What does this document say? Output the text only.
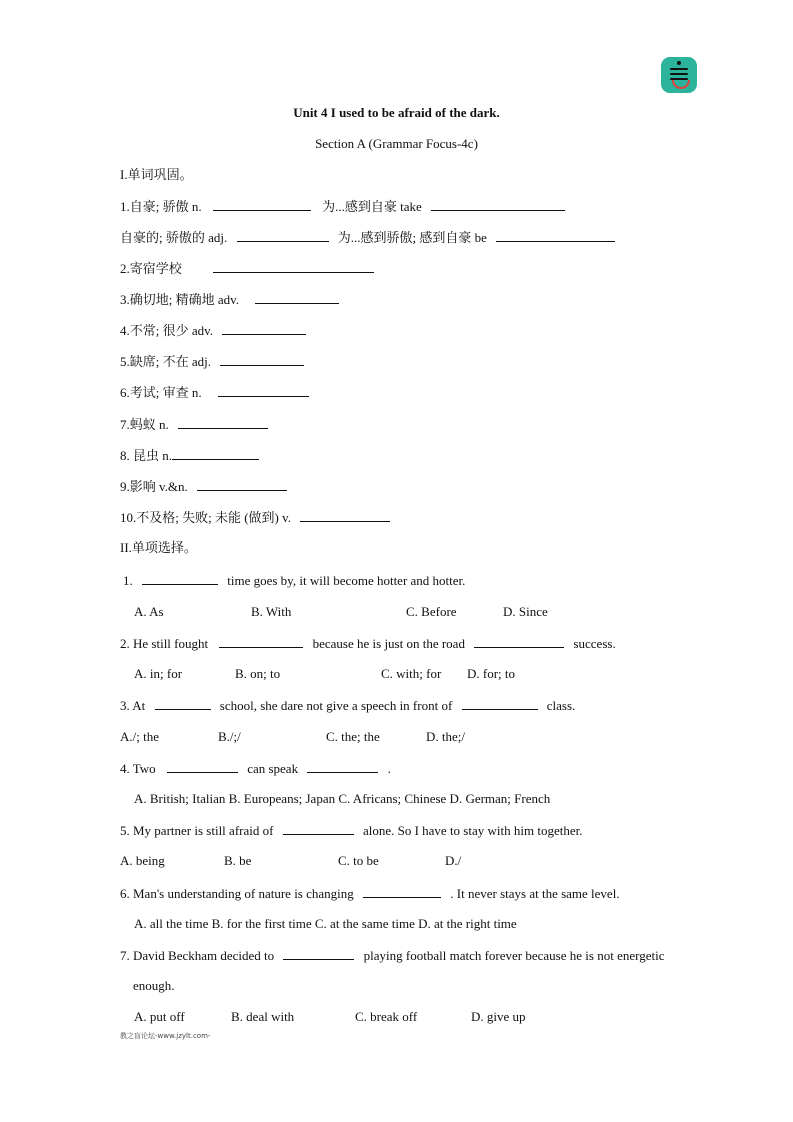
Unit 4 I used to be afraid of the dark.
Section A (Grammar Focus-4c)
I.单词巩固。
1.自豪; 骄傲 n.	为...感到自豪 take
自豪的; 骄傲的 adj.	为...感到骄傲; 感到自豪 be
2.寄宿学校
3.确切地; 精确地 adv.
4.不常; 很少 adv.
5.缺席; 不在 adj.
6.考试; 审查 n.
7.蚂蚁 n.
8. 昆虫 n.
9.影响 v.&n.
10.不及格; 失败; 未能 (做到) v.
II.单项选择。
1.	time goes by, it will become hotter and hotter.
A. As	B. With	C. Before	D. Since
2. He still fought	because he is just on the road	success.
A. in; for	B. on; to	C. with; for D. for; to
3. At	school, she dare not give a speech in front of	class.
A./; the	B./;/	C. the; the	D. the;/
4. Two	can speak	.
A. British; Italian B. Europeans; Japan C. Africans; Chinese D. German; French
5. My partner is still afraid of	alone. So I have to stay with him together.
A. being	B. be	C. to be	D./
6. Man's understanding of nature is changing	. It never stays at the same level.
A. all the time B. for the first time C. at the same time D. at the right time
7. David Beckham decided to	playing football match forever because he is not energetic
enough.
A. put off	B. deal with	C. break off	D. give up
教之盲论坛-www.jzylt.com-
